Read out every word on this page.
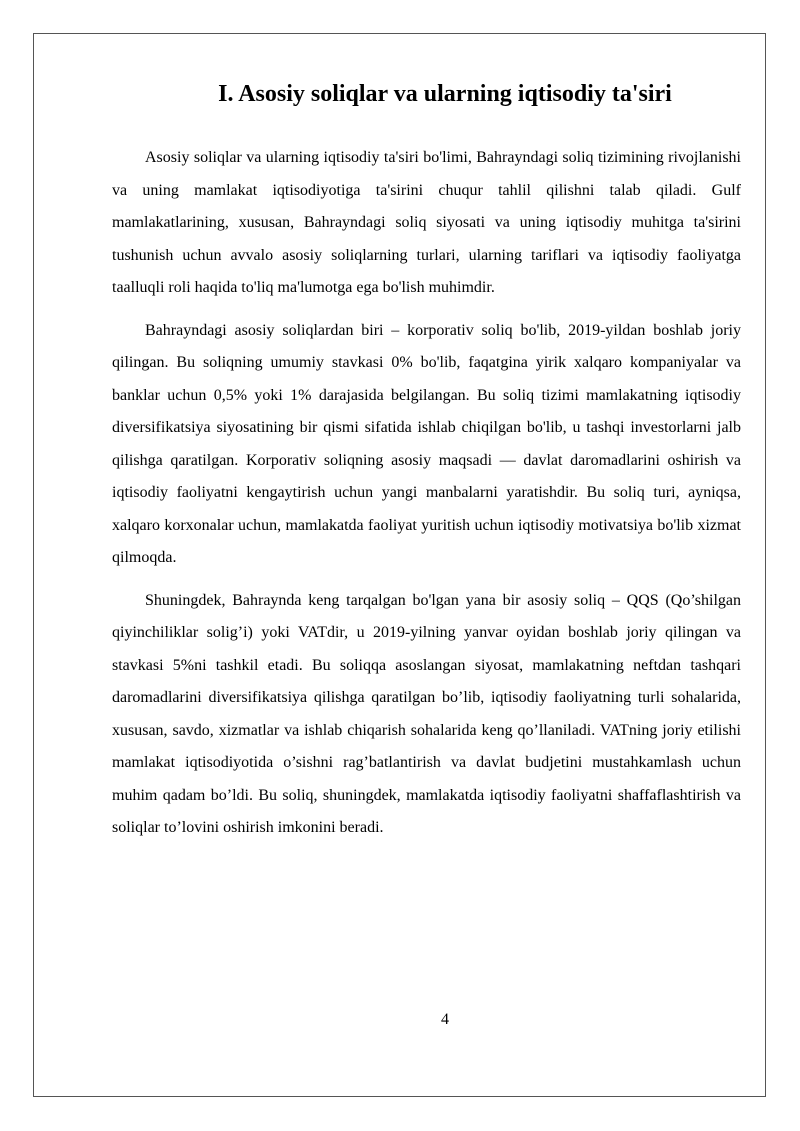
I. Asosiy soliqlar va ularning iqtisodiy ta'siri

Asosiy soliqlar va ularning iqtisodiy ta'siri bo'limi, Bahrayndagi soliq tizimining rivojlanishi va uning mamlakat iqtisodiyotiga ta'sirini chuqur tahlil qilishni talab qiladi. Gulf mamlakatlarining, xususan, Bahrayndagi soliq siyosati va uning iqtisodiy muhitga ta'sirini tushunish uchun avvalo asosiy soliqlarning turlari, ularning tariflari va iqtisodiy faoliyatga taalluqli roli haqida to'liq ma'lumotga ega bo'lish muhimdir.

Bahrayndagi asosiy soliqlardan biri – korporativ soliq bo'lib, 2019-yildan boshlab joriy qilingan. Bu soliqning umumiy stavkasi 0% bo'lib, faqatgina yirik xalqaro kompaniyalar va banklar uchun 0,5% yoki 1% darajasida belgilangan. Bu soliq tizimi mamlakatning iqtisodiy diversifikatsiya siyosatining bir qismi sifatida ishlab chiqilgan bo'lib, u tashqi investorlarni jalb qilishga qaratilgan. Korporativ soliqning asosiy maqsadi — davlat daromadlarini oshirish va iqtisodiy faoliyatni kengaytirish uchun yangi manbalarni yaratishdir. Bu soliq turi, ayniqsa, xalqaro korxonalar uchun, mamlakatda faoliyat yuritish uchun iqtisodiy motivatsiya bo'lib xizmat qilmoqda.

Shuningdek, Bahraynda keng tarqalgan bo'lgan yana bir asosiy soliq – QQS (Qo’shilgan qiyinchiliklar solig’i) yoki VATdir, u 2019-yilning yanvar oyidan boshlab joriy qilingan va stavkasi 5%ni tashkil etadi. Bu soliqqa asoslangan siyosat, mamlakatning neftdan tashqari daromadlarini diversifikatsiya qilishga qaratilgan bo’lib, iqtisodiy faoliyatning turli sohalarida, xususan, savdo, xizmatlar va ishlab chiqarish sohalarida keng qo’llaniladi. VATning joriy etilishi mamlakat iqtisodiyotida o’sishni rag’batlantirish va davlat budjetini mustahkamlash uchun muhim qadam bo’ldi. Bu soliq, shuningdek, mamlakatda iqtisodiy faoliyatni shaffaflashtirish va soliqlar to’lovini oshirish imkonini beradi.

4
